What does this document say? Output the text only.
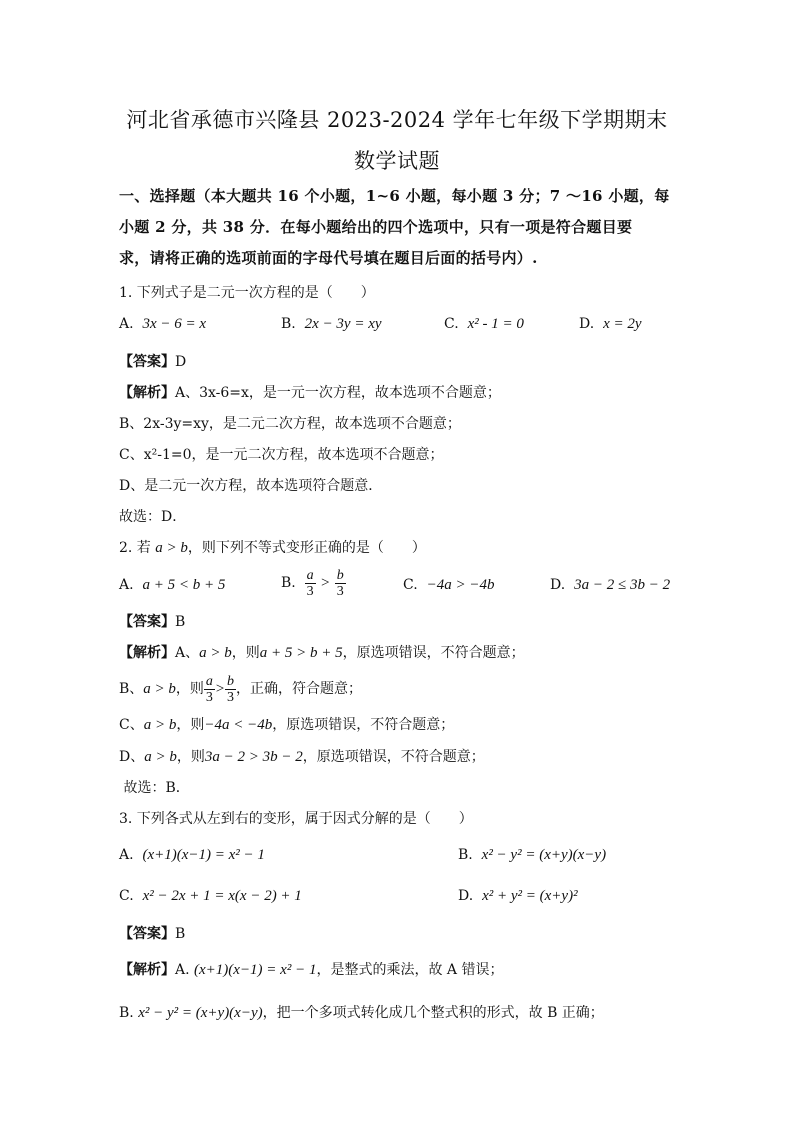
河北省承德市兴隆县 2023-2024 学年七年级下学期期末
数学试题
一、选择题（本大题共 16 个小题，1~6 小题，每小题 3 分；7 ～16 小题，每
小题 2 分，共 38 分．在每小题给出的四个选项中，只有一项是符合题目要
求，请将正确的选项前面的字母代号填在题目后面的括号内）.
1. 下列式子是二元一次方程的是（　　）
A. 3x − 6 = x	B. 2x − 3y = xy	C. x² - 1 = 0	D. x = 2y
【答案】D
【解析】A、3x-6=x，是一元一次方程，故本选项不合题意；
B、2x-3y=xy，是二元二次方程，故本选项不合题意；
C、x²-1=0，是一元二次方程，故本选项不合题意；
D、是二元一次方程，故本选项符合题意．
故选：D．
2. 若 a > b，则下列不等式变形正确的是（　　）
A. a + 5 < b + 5	B. $\frac{a}{3} > \frac{b}{3}$	C. −4a > −4b	D. 3a − 2 ≤ 3b − 2
【答案】B
【解析】A、a > b，则a + 5 > b + 5，原选项错误，不符合题意；
B、a > b，则 $\frac{a}{3} > \frac{b}{3}$ ，正确，符合题意；
C、a > b，则−4a < −4b，原选项错误，不符合题意；
D、a > b，则3a − 2 > 3b − 2，原选项错误，不符合题意；
故选：B．
3. 下列各式从左到右的变形，属于因式分解的是（　　）
A. (x+1)(x−1) = x² − 1	B. x² − y² = (x+y)(x−y)
C. x² − 2x + 1 = x(x − 2) + 1	D. x² + y² = (x+y)²
【答案】B
【解析】A. (x+1)(x−1) = x² − 1，是整式的乘法，故 A 错误；
B. x² − y² = (x+y)(x−y)，把一个多项式转化成几个整式积的形式，故 B 正确；
